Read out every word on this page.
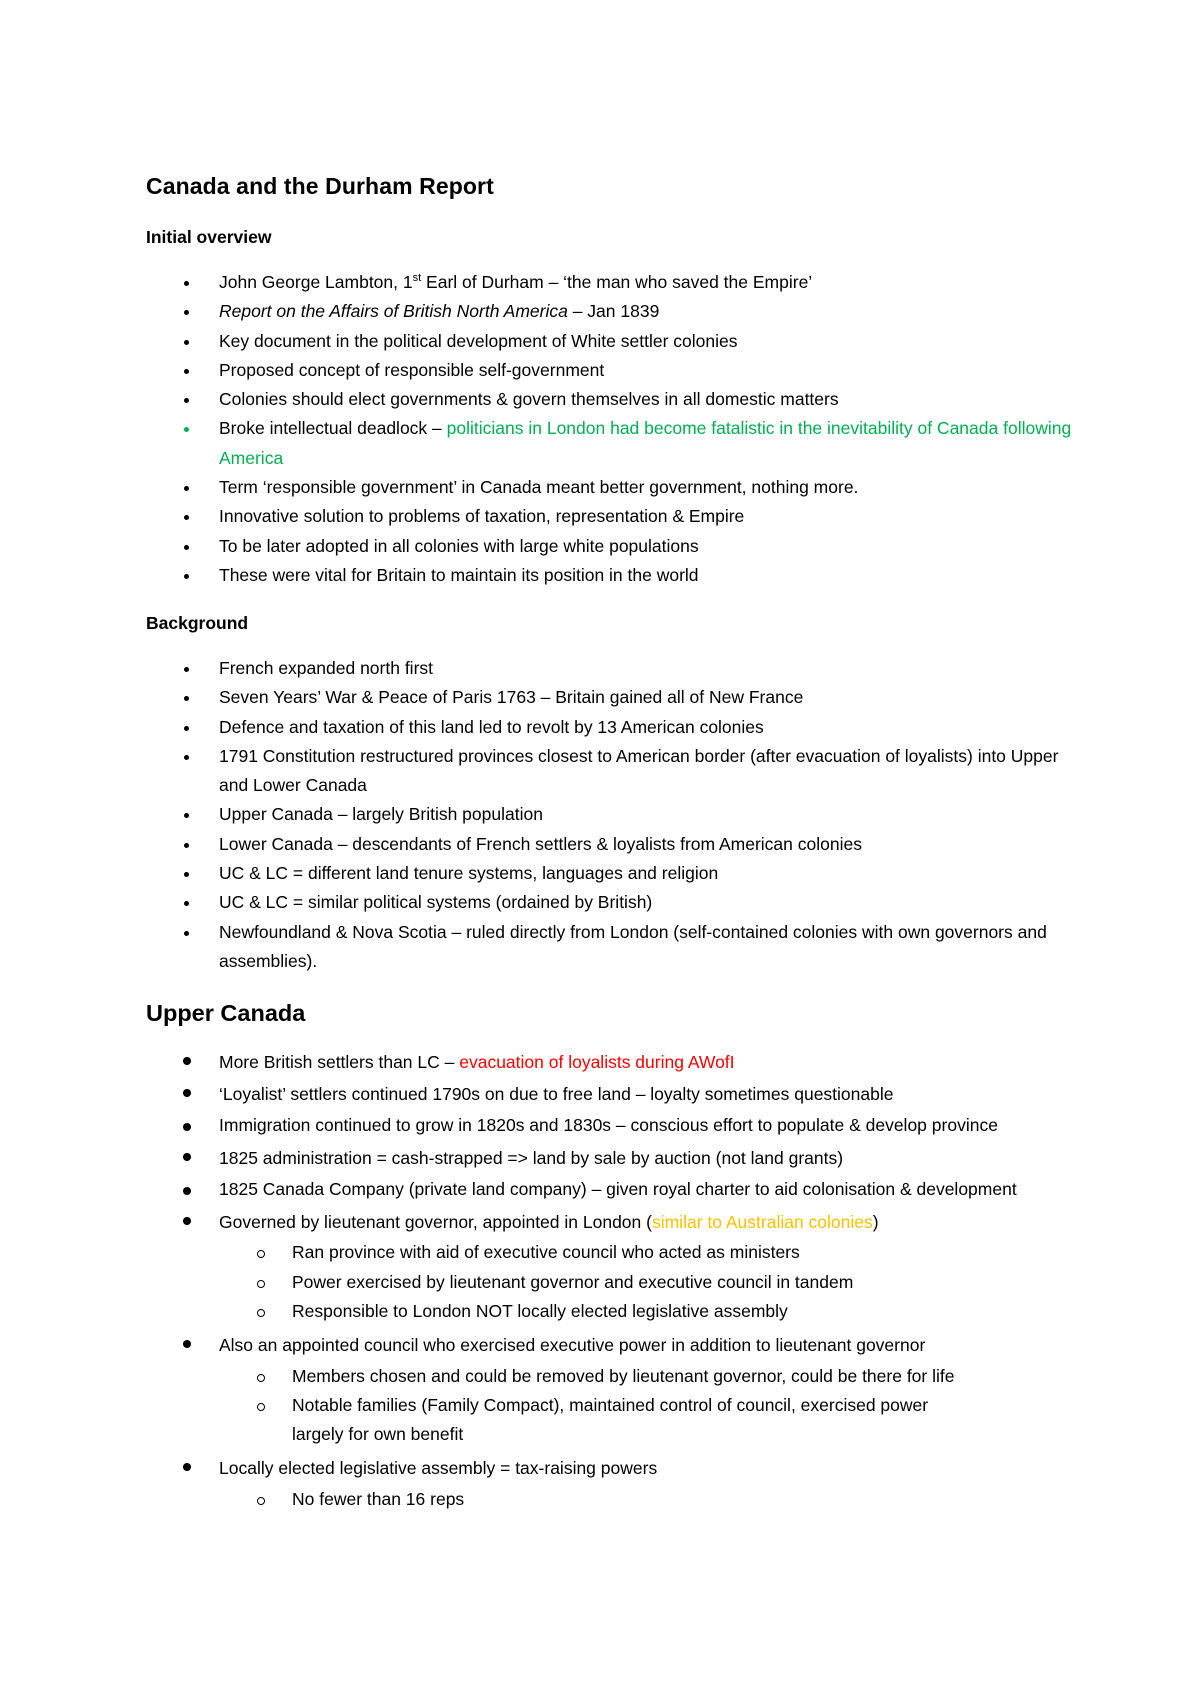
Canada and the Durham Report
Initial overview
John George Lambton, 1st Earl of Durham – ‘the man who saved the Empire’
Report on the Affairs of British North America – Jan 1839
Key document in the political development of White settler colonies
Proposed concept of responsible self-government
Colonies should elect governments & govern themselves in all domestic matters
Broke intellectual deadlock – politicians in London had become fatalistic in the inevitability of Canada following America
Term ‘responsible government’ in Canada meant better government, nothing more.
Innovative solution to problems of taxation, representation & Empire
To be later adopted in all colonies with large white populations
These were vital for Britain to maintain its position in the world
Background
French expanded north first
Seven Years’ War & Peace of Paris 1763 – Britain gained all of New France
Defence and taxation of this land led to revolt by 13 American colonies
1791 Constitution restructured provinces closest to American border (after evacuation of loyalists) into Upper and Lower Canada
Upper Canada – largely British population
Lower Canada – descendants of French settlers & loyalists from American colonies
UC & LC = different land tenure systems, languages and religion
UC & LC = similar political systems (ordained by British)
Newfoundland & Nova Scotia – ruled directly from London (self-contained colonies with own governors and assemblies).
Upper Canada
More British settlers than LC – evacuation of loyalists during AWofI
‘Loyalist’ settlers continued 1790s on due to free land – loyalty sometimes questionable
Immigration continued to grow in 1820s and 1830s – conscious effort to populate & develop province
1825 administration = cash-strapped => land by sale by auction (not land grants)
1825 Canada Company (private land company) – given royal charter to aid colonisation & development
Governed by lieutenant governor, appointed in London (similar to Australian colonies)
Ran province with aid of executive council who acted as ministers
Power exercised by lieutenant governor and executive council in tandem
Responsible to London NOT locally elected legislative assembly
Also an appointed council who exercised executive power in addition to lieutenant governor
Members chosen and could be removed by lieutenant governor, could be there for life
Notable families (Family Compact), maintained control of council, exercised power largely for own benefit
Locally elected legislative assembly = tax-raising powers
No fewer than 16 reps
